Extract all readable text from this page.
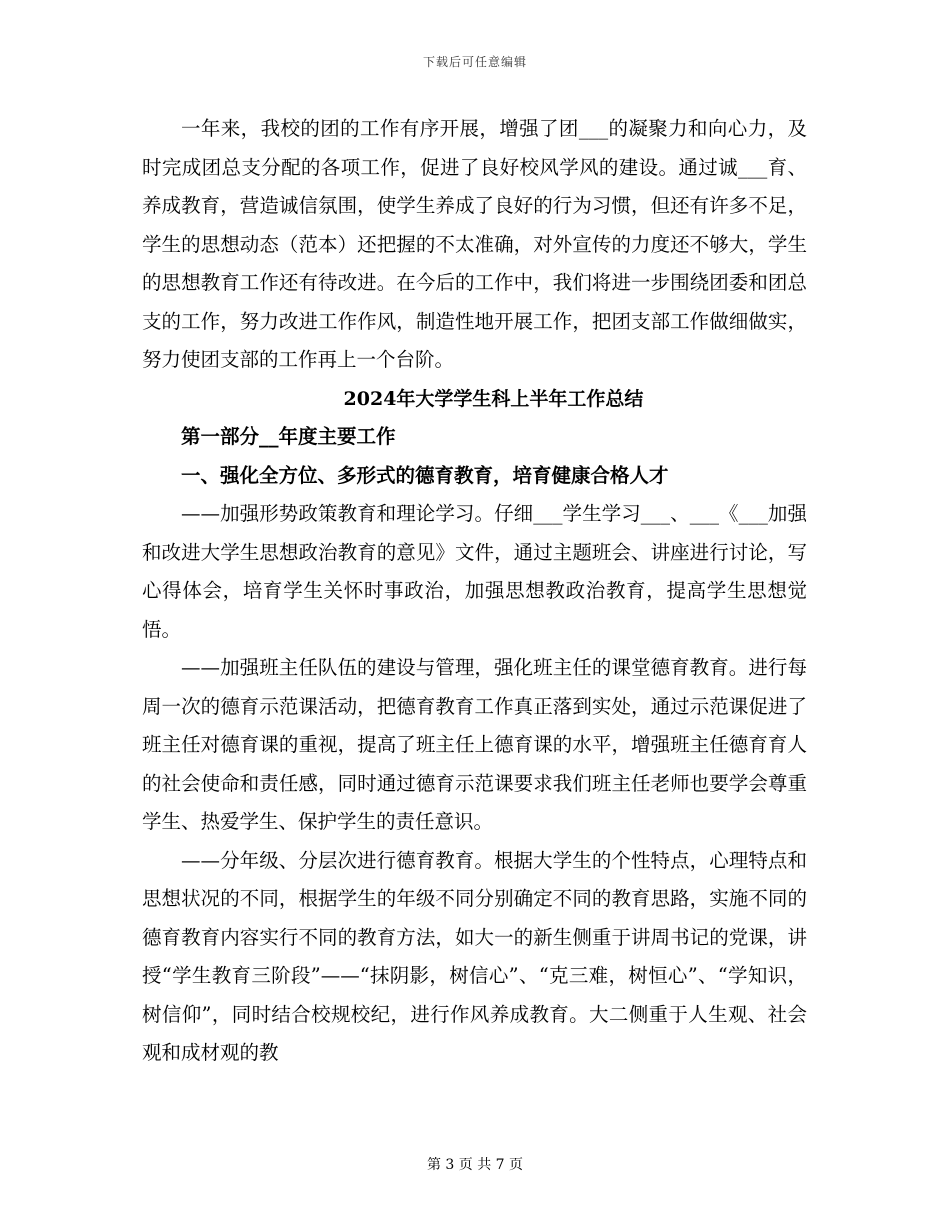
下载后可任意编辑

一年来，我校的团的工作有序开展，增强了团___的凝聚力和向心力，及时完成团总支分配的各项工作，促进了良好校风学风的建设。通过诚___育、养成教育，营造诚信氛围，使学生养成了良好的行为习惯，但还有许多不足，学生的思想动态（范本）还把握的不太准确，对外宣传的力度还不够大，学生的思想教育工作还有待改进。在今后的工作中，我们将进一步围绕团委和团总支的工作，努力改进工作作风，制造性地开展工作，把团支部工作做细做实，努力使团支部的工作再上一个台阶。

2024年大学学生科上半年工作总结

第一部分__年度主要工作

一、强化全方位、多形式的德育教育，培育健康合格人才

——加强形势政策教育和理论学习。仔细___学生学习___、___《___加强和改进大学生思想政治教育的意见》文件，通过主题班会、讲座进行讨论，写心得体会，培育学生关怀时事政治，加强思想教政治教育，提高学生思想觉悟。

——加强班主任队伍的建设与管理，强化班主任的课堂德育教育。进行每周一次的德育示范课活动，把德育教育工作真正落到实处，通过示范课促进了班主任对德育课的重视，提高了班主任上德育课的水平，增强班主任德育育人的社会使命和责任感，同时通过德育示范课要求我们班主任老师也要学会尊重学生、热爱学生、保护学生的责任意识。

——分年级、分层次进行德育教育。根据大学生的个性特点，心理特点和思想状况的不同，根据学生的年级不同分别确定不同的教育思路，实施不同的德育教育内容实行不同的教育方法，如大一的新生侧重于讲周书记的党课，讲授“学生教育三阶段”——“抹阴影，树信心”、“克三难，树恒心”、“学知识，树信仰”，同时结合校规校纪，进行作风养成教育。大二侧重于人生观、社会观和成材观的教

第 3 页 共 7 页
